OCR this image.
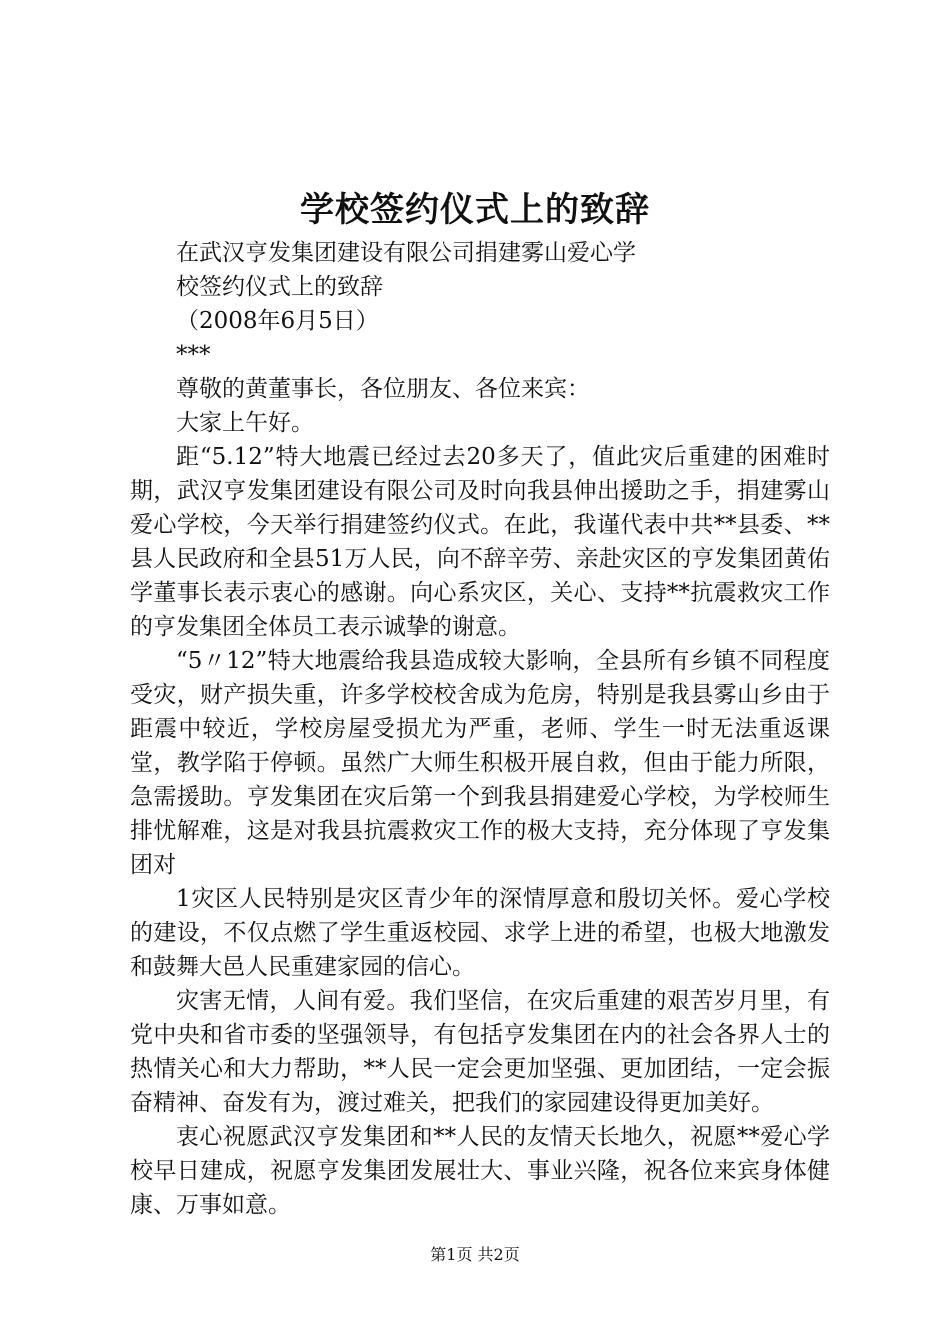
学校签约仪式上的致辞

在武汉亨发集团建设有限公司捐建雾山爱心学校签约仪式上的致辞

（2008年6月5日）

***

尊敬的黄董事长，各位朋友、各位来宾：

大家上午好。

距“5.12”特大地震已经过去20多天了，值此灾后重建的困难时期，武汉亨发集团建设有限公司及时向我县伸出援助之手，捐建雾山爱心学校，今天举行捐建签约仪式。在此，我谨代表中共**县委、**县人民政府和全县51万人民，向不辞辛劳、亲赴灾区的亨发集团黄佑学董事长表示衷心的感谢。向心系灾区，关心、支持**抗震救灾工作的亨发集团全体员工表示诚挚的谢意。

“5〃12”特大地震给我县造成较大影响，全县所有乡镇不同程度受灾，财产损失重，许多学校校舍成为危房，特别是我县雾山乡由于距震中较近，学校房屋受损尤为严重，老师、学生一时无法重返课堂，教学陷于停顿。虽然广大师生积极开展自救，但由于能力所限，急需援助。亨发集团在灾后第一个到我县捐建爱心学校，为学校师生排忧解难，这是对我县抗震救灾工作的极大支持，充分体现了亨发集团对

1灾区人民特别是灾区青少年的深情厚意和殷切关怀。爱心学校的建设，不仅点燃了学生重返校园、求学上进的希望，也极大地激发和鼓舞大邑人民重建家园的信心。

灾害无情，人间有爱。我们坚信，在灾后重建的艰苦岁月里，有党中央和省市委的坚强领导，有包括亨发集团在内的社会各界人士的热情关心和大力帮助，**人民一定会更加坚强、更加团结，一定会振奋精神、奋发有为，渡过难关，把我们的家园建设得更加美好。

衷心祝愿武汉亨发集团和**人民的友情天长地久，祝愿**爱心学校早日建成，祝愿亨发集团发展壮大、事业兴隆，祝各位来宾身体健康、万事如意。

第1页 共2页
